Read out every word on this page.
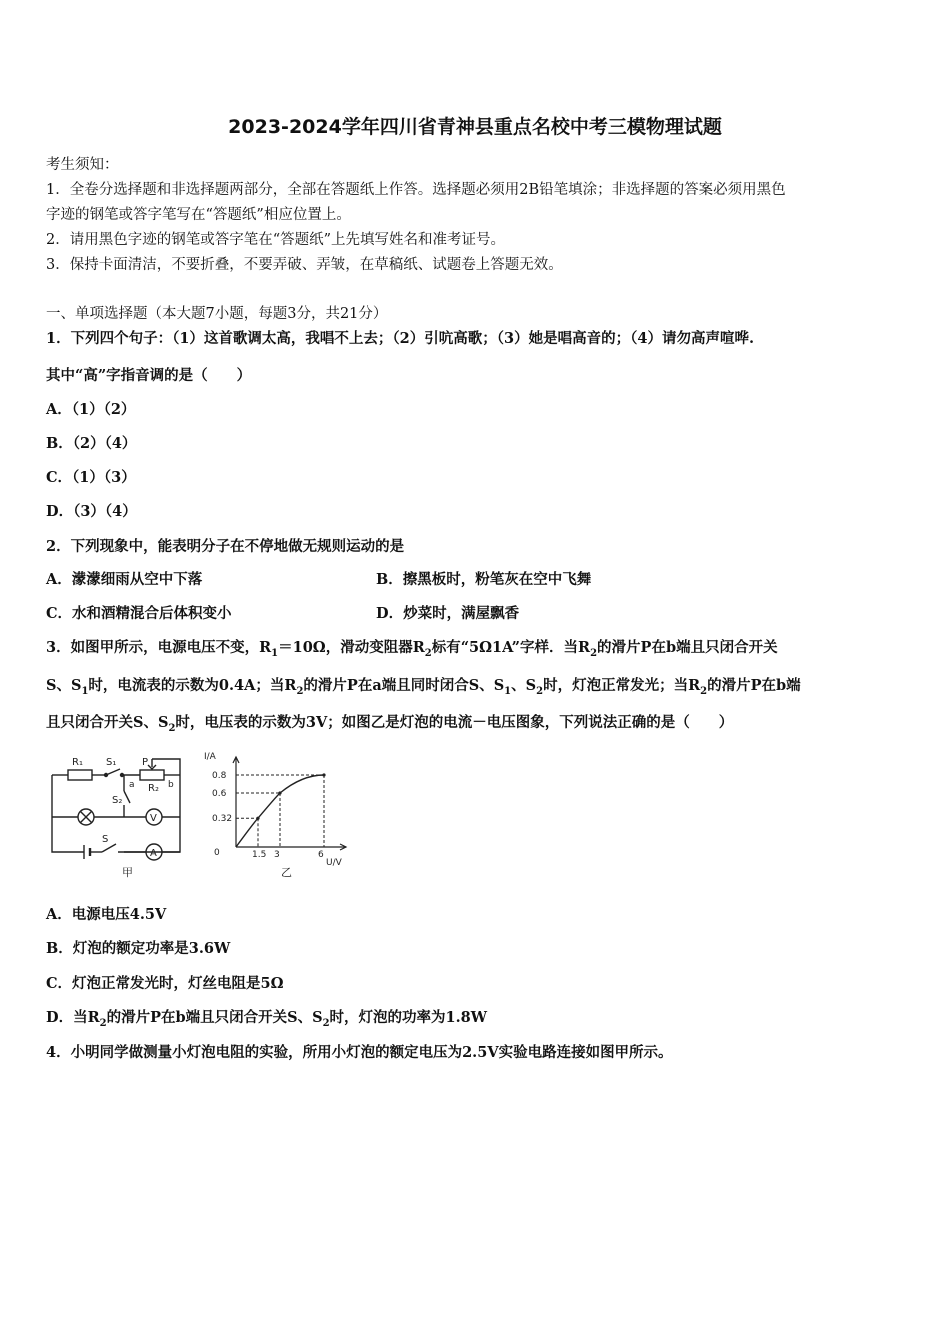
2023-2024学年四川省青神县重点名校中考三模物理试题
考生须知：
1．全卷分选择题和非选择题两部分，全部在答题纸上作答。选择题必须用2B铅笔填涂；非选择题的答案必须用黑色
字迹的钢笔或答字笔写在“答题纸”相应位置上。
2．请用黑色字迹的钢笔或答字笔在“答题纸”上先填写姓名和准考证号。
3．保持卡面清洁，不要折叠，不要弄破、弄皱，在草稿纸、试题卷上答题无效。
一、单项选择题（本大题7小题，每题3分，共21分）
1．下列四个句子：（1）这首歌调太高，我唱不上去；（2）引吭高歌；（3）她是唱高音的；（4）请勿高声喧哗.
其中“高”字指音调的是（　　）
A．（1）（2）
B．（2）（4）
C．（1）（3）
D．（3）（4）
2．下列现象中，能表明分子在不停地做无规则运动的是
A．濛濛细雨从空中下落	B．擦黑板时，粉笔灰在空中飞舞
C．水和酒精混合后体积变小	D．炒菜时，满屋飘香
3．如图甲所示，电源电压不变，$R_1=10\Omega$，滑动变阻器$R_2$标有“5Ω1A”字样．当$R_2$的滑片P在b端且只闭合开关
S、$S_1$时，电流表的示数为0.4A；当$R_2$的滑片P在a端且同时闭合S、$S_1$、$S_2$时，灯泡正常发光；当$R_2$的滑片P在b端
且只闭合开关S、$S_2$时，电压表的示数为3V；如图乙是灯泡的电流－电压图象，下列说法正确的是（　　）
R₁ S₁	P
R₂
a	b
S₂
V
S
A
甲
1.5 3	6
0.32
0.6
0.8
I/A
U/V
0
乙
A．电源电压4.5V
B．灯泡的额定功率是3.6W
C．灯泡正常发光时，灯丝电阻是5Ω
D．当$R_2$的滑片P在b端且只闭合开关S、$S_2$时，灯泡的功率为1.8W
4．小明同学做测量小灯泡电阻的实验，所用小灯泡的额定电压为2.5V实验电路连接如图甲所示。
